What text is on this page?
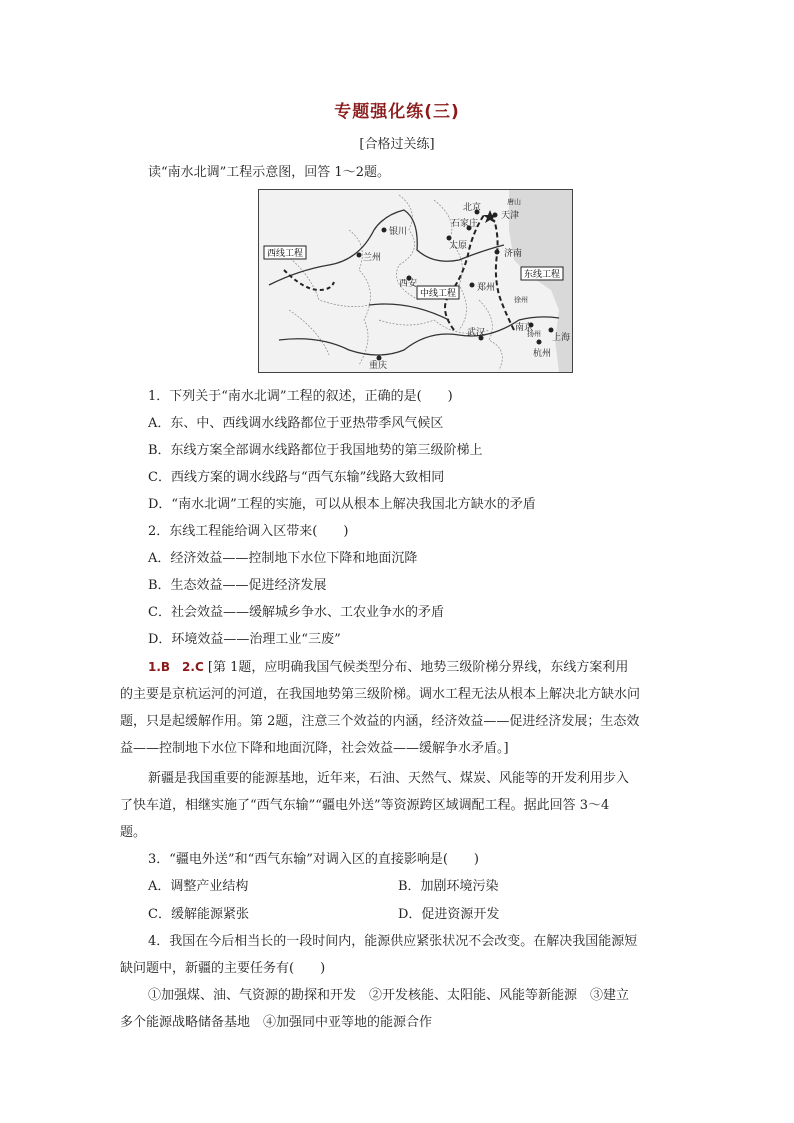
专题强化练(三)
[合格过关练]
读“南水北调”工程示意图，回答 1～2题。
北京
天津
唐山
石家庄
太原
银川
兰州
西安	郑州
济南
徐州
扬州
南京
上海
杭州
武汉
重庆
西线工程
中线工程
东线工程
1．下列关于“南水北调”工程的叙述，正确的是(　　)
A．东、中、西线调水线路都位于亚热带季风气候区
B．东线方案全部调水线路都位于我国地势的第三级阶梯上
C．西线方案的调水线路与“西气东输”线路大致相同
D．“南水北调”工程的实施，可以从根本上解决我国北方缺水的矛盾
2．东线工程能给调入区带来(　　)
A．经济效益——控制地下水位下降和地面沉降
B．生态效益——促进经济发展
C．社会效益——缓解城乡争水、工农业争水的矛盾
D．环境效益——治理工业“三废”
1.B　2.C [第 1题，应明确我国气候类型分布、地势三级阶梯分界线，东线方案利用
的主要是京杭运河的河道，在我国地势第三级阶梯。调水工程无法从根本上解决北方缺水问
题，只是起缓解作用。第 2题，注意三个效益的内涵，经济效益——促进经济发展；生态效
益——控制地下水位下降和地面沉降，社会效益——缓解争水矛盾。]
新疆是我国重要的能源基地，近年来，石油、天然气、煤炭、风能等的开发利用步入
了快车道，相继实施了“西气东输”“疆电外送”等资源跨区域调配工程。据此回答 3～4
题。
3．“疆电外送”和“西气东输”对调入区的直接影响是(　　)
A．调整产业结构	B．加剧环境污染
C．缓解能源紧张	D．促进资源开发
4．我国在今后相当长的一段时间内，能源供应紧张状况不会改变。在解决我国能源短
缺问题中，新疆的主要任务有(　　)
①加强煤、油、气资源的勘探和开发　②开发核能、太阳能、风能等新能源　③建立
多个能源战略储备基地　④加强同中亚等地的能源合作
